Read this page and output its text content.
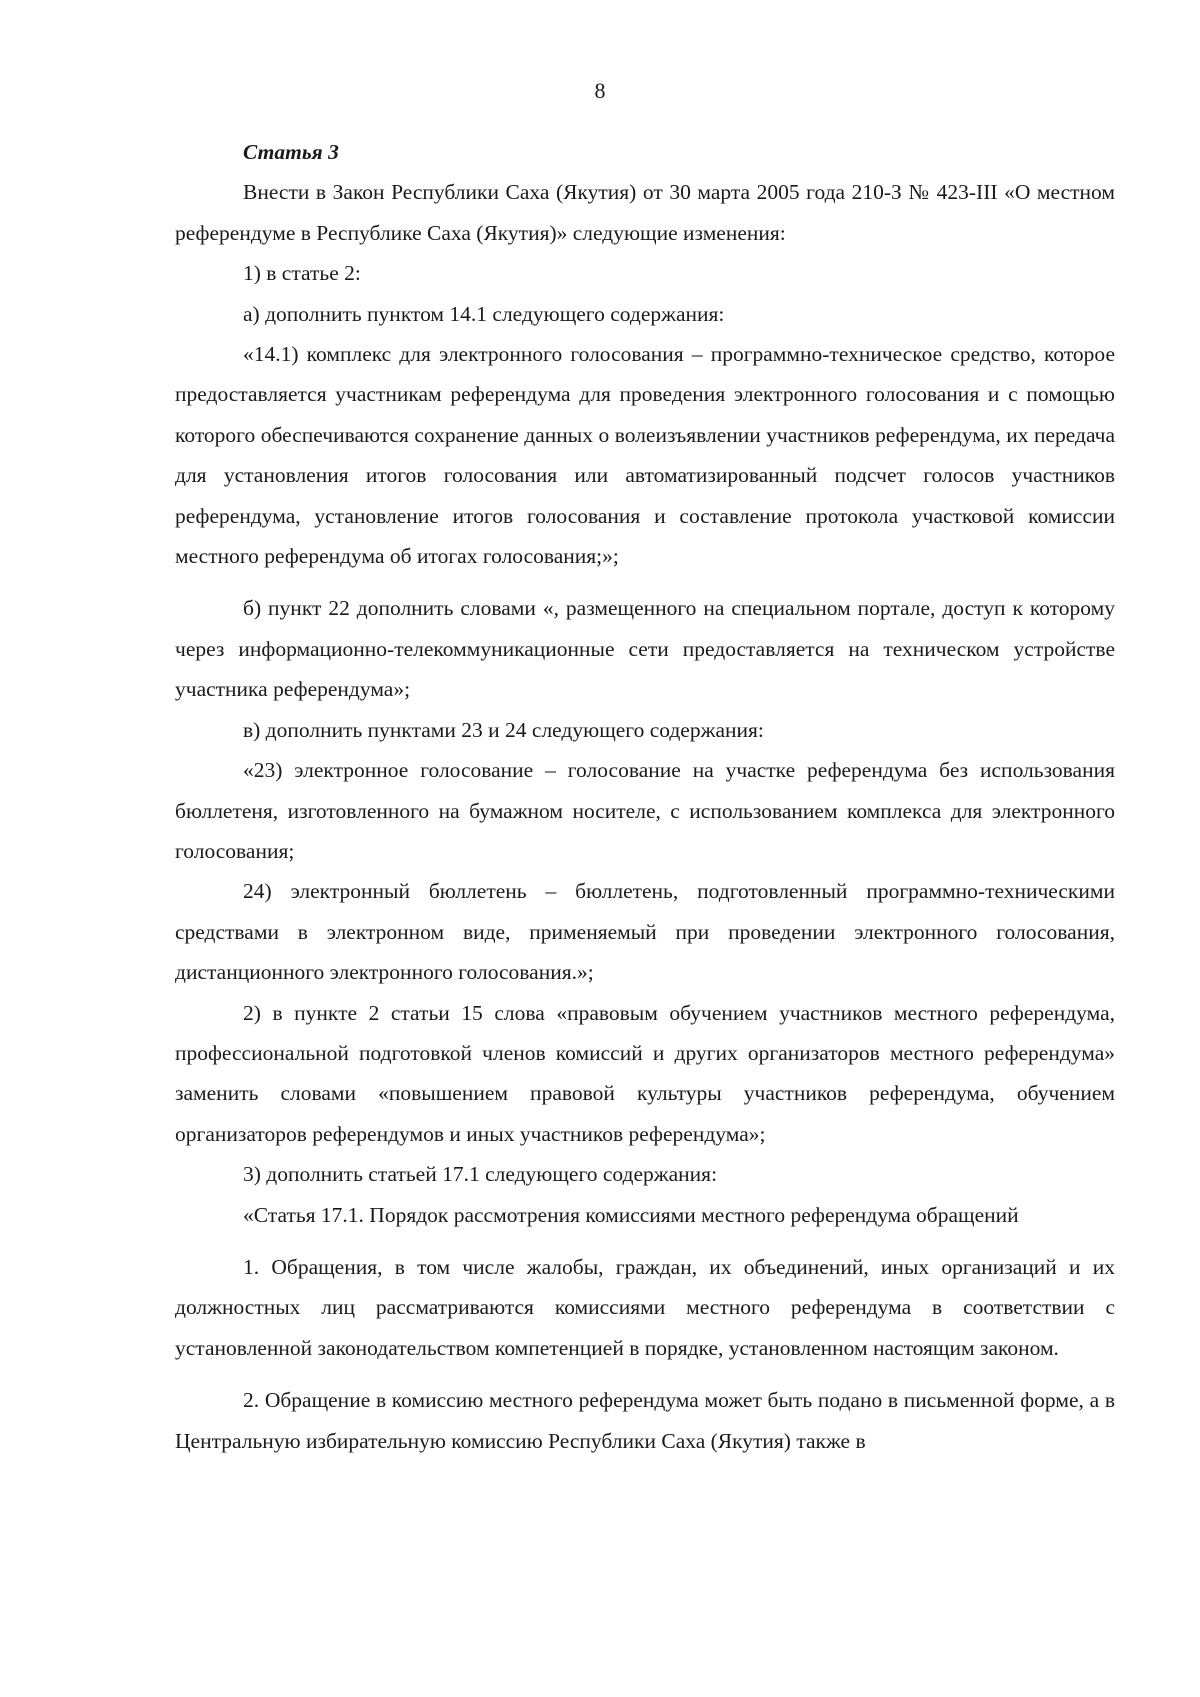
8

Статья 3

Внести в Закон Республики Саха (Якутия) от 30 марта 2005 года 210-З № 423-III «О местном референдуме в Республике Саха (Якутия)» следующие изменения:

1) в статье 2:

а) дополнить пунктом 14.1 следующего содержания:

«14.1) комплекс для электронного голосования – программно-техническое средство, которое предоставляется участникам референдума для проведения электронного голосования и с помощью которого обеспечиваются сохранение данных о волеизъявлении участников референдума, их передача для установления итогов голосования или автоматизированный подсчет голосов участников референдума, установление итогов голосования и составление протокола участковой комиссии местного референдума об итогах голосования;»;

б) пункт 22 дополнить словами «, размещенного на специальном портале, доступ к которому через информационно-телекоммуникационные сети предоставляется на техническом устройстве участника референдума»;

в) дополнить пунктами 23 и 24 следующего содержания:

«23) электронное голосование – голосование на участке референдума без использования бюллетеня, изготовленного на бумажном носителе, с использованием комплекса для электронного голосования;

24) электронный бюллетень – бюллетень, подготовленный программно-техническими средствами в электронном виде, применяемый при проведении электронного голосования, дистанционного электронного голосования.»;

2) в пункте 2 статьи 15 слова «правовым обучением участников местного референдума, профессиональной подготовкой членов комиссий и других организаторов местного референдума» заменить словами «повышением правовой культуры участников референдума, обучением организаторов референдумов и иных участников референдума»;

3) дополнить статьей 17.1 следующего содержания:

«Статья 17.1. Порядок рассмотрения комиссиями местного референдума обращений

1. Обращения, в том числе жалобы, граждан, их объединений, иных организаций и их должностных лиц рассматриваются комиссиями местного референдума в соответствии с установленной законодательством компетенцией в порядке, установленном настоящим законом.

2. Обращение в комиссию местного референдума может быть подано в письменной форме, а в Центральную избирательную комиссию Республики Саха (Якутия) также в
